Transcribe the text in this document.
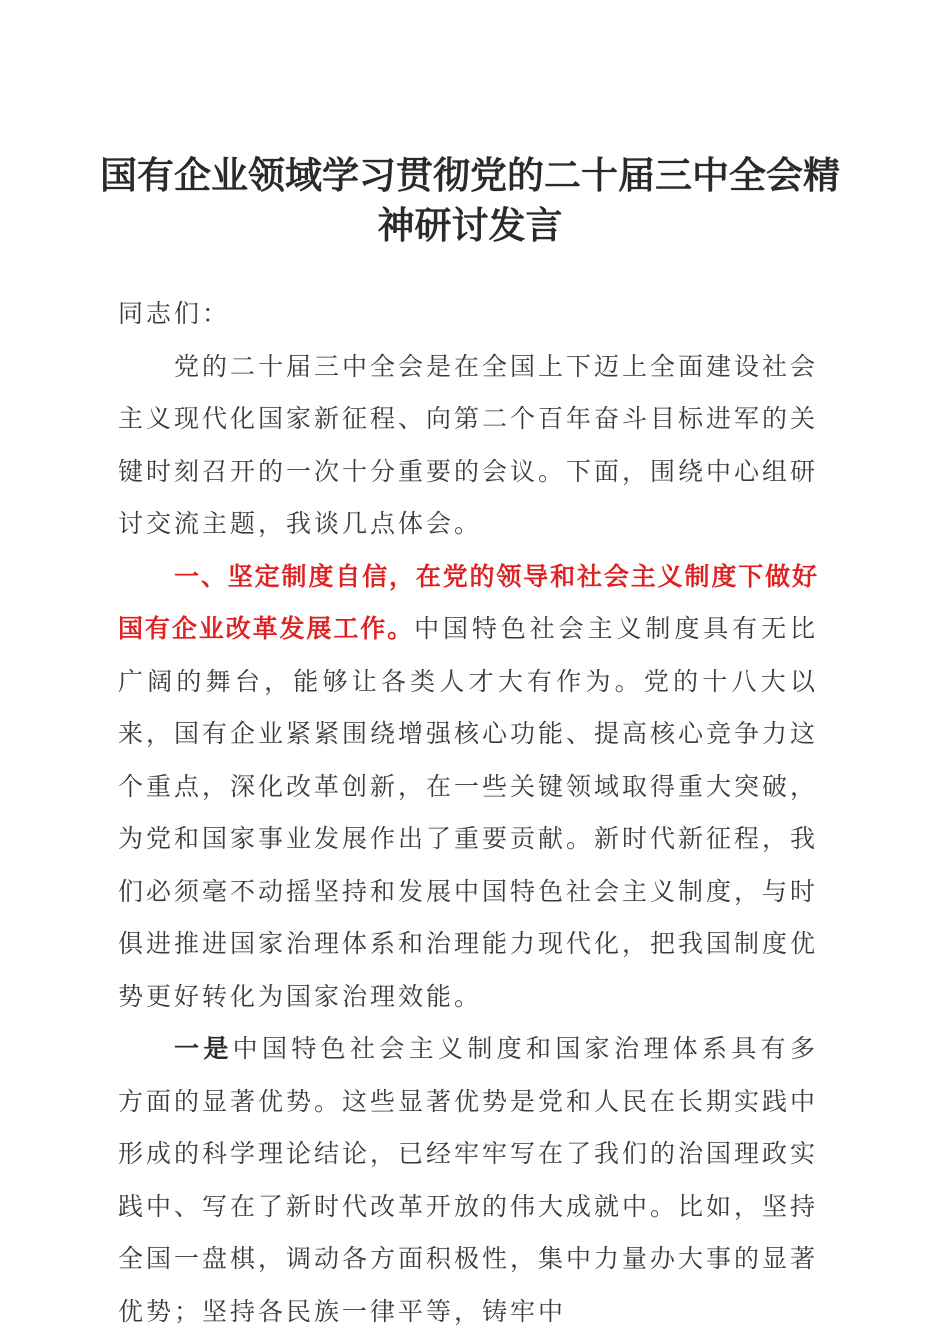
国有企业领域学习贯彻党的二十届三中全会精神研讨发言

同志们：

党的二十届三中全会是在全国上下迈上全面建设社会主义现代化国家新征程、向第二个百年奋斗目标进军的关键时刻召开的一次十分重要的会议。下面，围绕中心组研讨交流主题，我谈几点体会。

一、坚定制度自信，在党的领导和社会主义制度下做好国有企业改革发展工作。中国特色社会主义制度具有无比广阔的舞台，能够让各类人才大有作为。党的十八大以来，国有企业紧紧围绕增强核心功能、提高核心竞争力这个重点，深化改革创新，在一些关键领域取得重大突破，为党和国家事业发展作出了重要贡献。新时代新征程，我们必须毫不动摇坚持和发展中国特色社会主义制度，与时俱进推进国家治理体系和治理能力现代化，把我国制度优势更好转化为国家治理效能。

一是中国特色社会主义制度和国家治理体系具有多方面的显著优势。这些显著优势是党和人民在长期实践中形成的科学理论结论，已经牢牢写在了我们的治国理政实践中、写在了新时代改革开放的伟大成就中。比如，坚持全国一盘棋，调动各方面积极性，集中力量办大事的显著优势；坚持各民族一律平等，铸牢中
